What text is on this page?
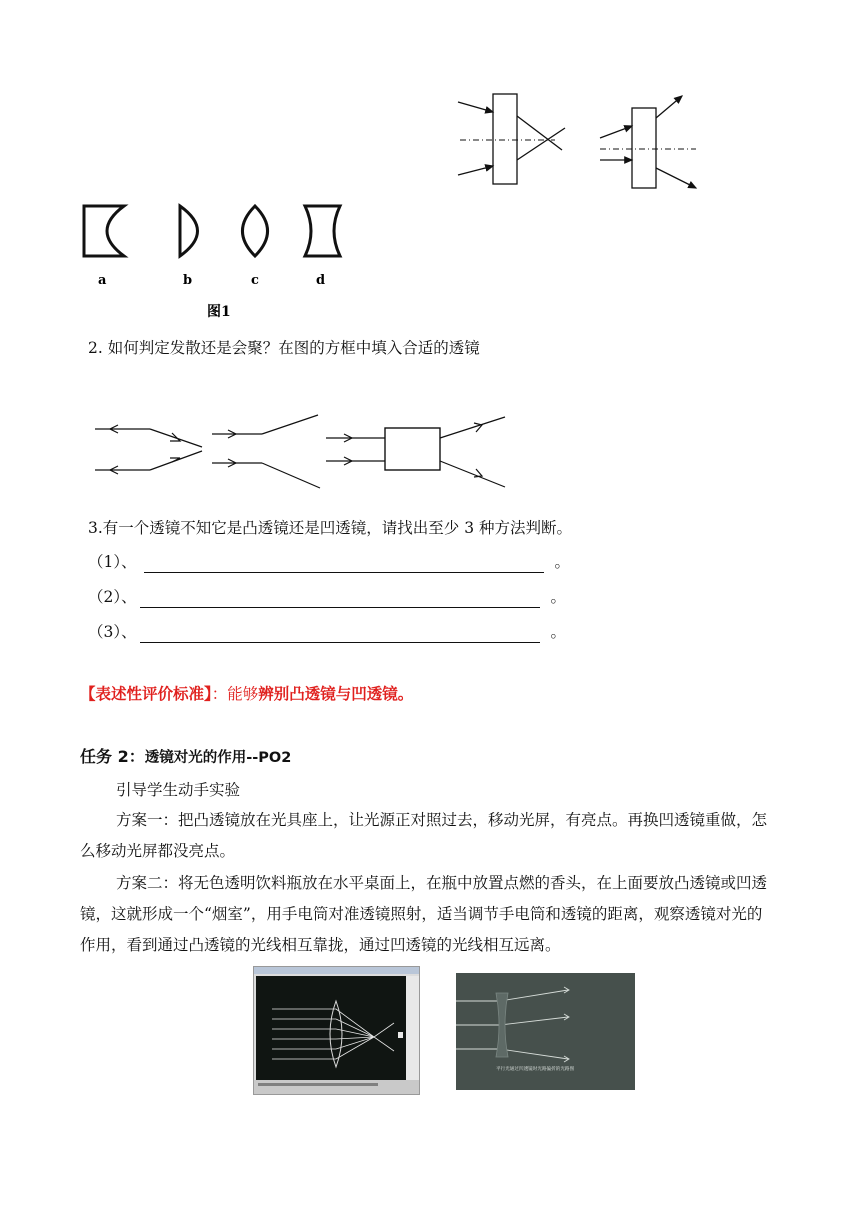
a	b	c	d
图1
2. 如何判定发散还是会聚？在图的方框中填入合适的透镜
3.有一个透镜不知它是凸透镜还是凹透镜，请找出至少 3 种方法判断。
（1）、	。
（2）、	。
（3）、	。
【表述性评价标准】：能够辨别凸透镜与凹透镜。
任务 2：透镜对光的作用--PO2
引导学生动手实验
方案一：把凸透镜放在光具座上，让光源正对照过去，移动光屏，有亮点。再换凹透镜重做，怎么移动光屏都没亮点。
方案二：将无色透明饮料瓶放在水平桌面上，在瓶中放置点燃的香头，在上面要放凸透镜或凹透镜，这就形成一个“烟室”，用手电筒对准透镜照射，适当调节手电筒和透镜的距离，观察透镜对光的作用，看到通过凸透镜的光线相互靠拢，通过凹透镜的光线相互远离。
平行光通过凹透镜时光路偏折的光路图
